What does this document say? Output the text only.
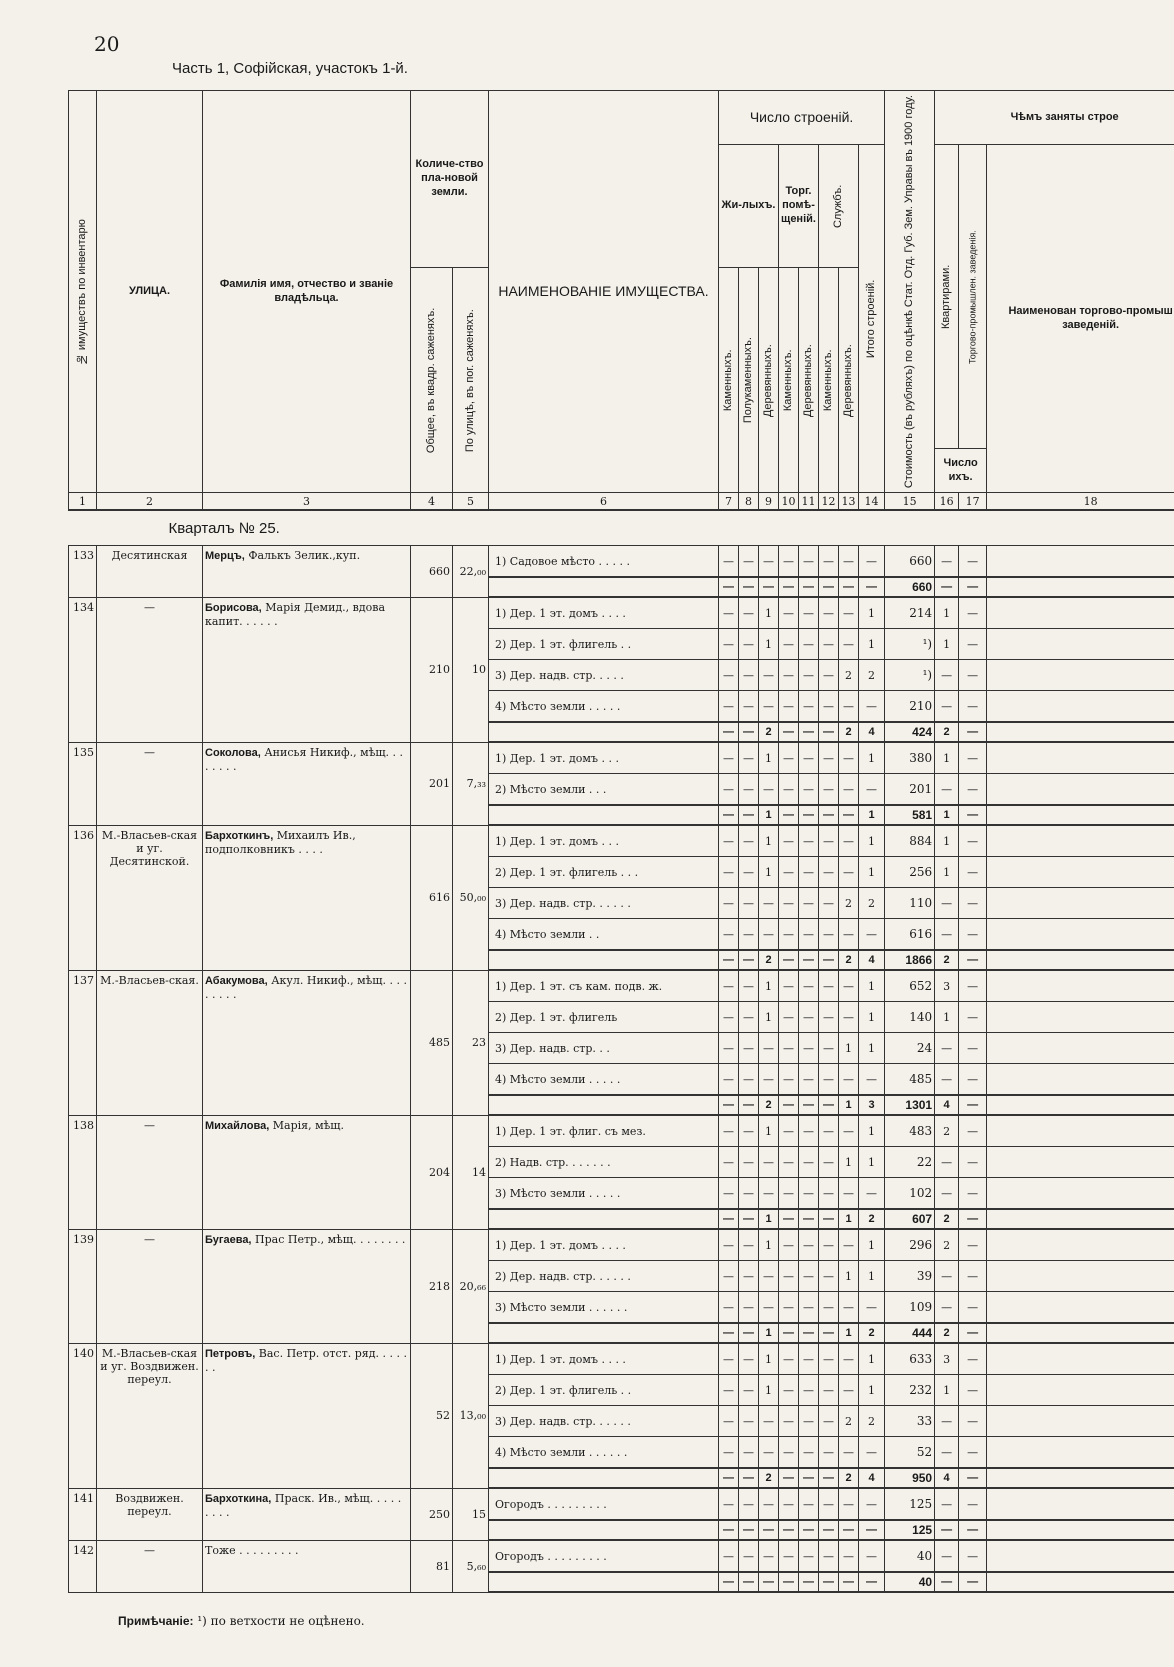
20
Часть 1, Софiйская, участокъ 1-й.
№ имуществъ по инвентарю	УЛИЦА.	Фамилiя имя, отчество и званiе владѣльца.	Количе-ство пла-новой земли.		НАИМЕНОВАНIЕ ИМУЩЕСТВА.	Число строенiй.								Стоимость (въ рубляхъ) по оцѣнкѣ Стат. Отд. Губ. Зем. Управы въ 1900 году.	Чѣмъ заняты строе		
						Жи-лыхъ.			Торг. помѣ-щенiй.		Службъ.		Итого строенiй.		Квартирами.	Торгово-промышлен. заведенiя.	Наименован торгово-промыш заведенiй.
			Общее, въ квадр. саженяхъ.	По улицѣ, въ пог. саженяхъ.		Каменныхъ.	Полукаменныхъ.	Деревянныхъ.	Каменныхъ.	Деревянныхъ.	Каменныхъ.	Деревянныхъ.					
															Число ихъ.		
1	2	3	4	5	6	7	8	9	10	11	12	13	14	15	16	17	18
Кварталъ № 25.																	
133	Десятинская	Мерцъ, Фалькъ Зелик.,куп.	660	22,₀₀	1) Садовое мѣсто . . . . .	—	—	—	—	—	—	—	—	660	—	—	
						—	—	—	—	—	—	—	—	660	—	—	
134	—	Борисова, Марiя Демид., вдова капит. . . . . .	210	10	1) Дер. 1 эт. домъ . . . .	—	—	1	—	—	—	—	1	214	1	—	
					2) Дер. 1 эт. флигель . .	—	—	1	—	—	—	—	1	¹)	1	—	
					3) Дер. надв. стр. . . . .	—	—	—	—	—	—	2	2	¹)	—	—	
					4) Мѣсто земли . . . . .	—	—	—	—	—	—	—	—	210	—	—	
						—	—	2	—	—	—	2	4	424	2	—	
135	—	Соколова, Анисья Никиф., мѣщ. . . . . . . .	201	7,₃₃	1) Дер. 1 эт. домъ . . .	—	—	1	—	—	—	—	1	380	1	—	
					2) Мѣсто земли . . .	—	—	—	—	—	—	—	—	201	—	—	
						—	—	1	—	—	—	—	1	581	1	—	
136	М.-Власьев-ская и уг. Десятинской.	Бархоткинъ, Михаилъ Ив., подполковникъ . . . .	616	50,₀₀	1) Дер. 1 эт. домъ . . .	—	—	1	—	—	—	—	1	884	1	—	
					2) Дер. 1 эт. флигель . . .	—	—	1	—	—	—	—	1	256	1	—	
					3) Дер. надв. стр. . . . . .	—	—	—	—	—	—	2	2	110	—	—	
					4) Мѣсто земли . .	—	—	—	—	—	—	—	—	616	—	—	
						—	—	2	—	—	—	2	4	1866	2	—	
137	М.-Власьев-ская.	Абакумова, Акул. Никиф., мѣщ. . . . . . . . .	485	23	1) Дер. 1 эт. съ кам. подв. ж.	—	—	1	—	—	—	—	1	652	3	—	
					2) Дер. 1 эт. флигель	—	—	1	—	—	—	—	1	140	1	—	
					3) Дер. надв. стр. . .	—	—	—	—	—	—	1	1	24	—	—	
					4) Мѣсто земли . . . . .	—	—	—	—	—	—	—	—	485	—	—	
						—	—	2	—	—	—	1	3	1301	4	—	
138	—	Михайлова, Марiя, мѣщ.	204	14	1) Дер. 1 эт. флиг. съ мез.	—	—	1	—	—	—	—	1	483	2	—	
					2) Надв. стр. . . . . . .	—	—	—	—	—	—	1	1	22	—	—	
					3) Мѣсто земли . . . . .	—	—	—	—	—	—	—	—	102	—	—	
						—	—	1	—	—	—	1	2	607	2	—	
139	—	Бугаева, Прас Петр., мѣщ. . . . . . . .	218	20,₆₆	1) Дер. 1 эт. домъ . . . .	—	—	1	—	—	—	—	1	296	2	—	
					2) Дер. надв. стр. . . . . .	—	—	—	—	—	—	1	1	39	—	—	
					3) Мѣсто земли . . . . . .	—	—	—	—	—	—	—	—	109	—	—	
						—	—	1	—	—	—	1	2	444	2	—	
140	М.-Власьев-ская и уг. Воздвижен. переул.	Петровъ, Вас. Петр. отст. ряд. . . . . . .	52	13,₀₀	1) Дер. 1 эт. домъ . . . .	—	—	1	—	—	—	—	1	633	3	—	
					2) Дер. 1 эт. флигель . .	—	—	1	—	—	—	—	1	232	1	—	
					3) Дер. надв. стр. . . . . .	—	—	—	—	—	—	2	2	33	—	—	
					4) Мѣсто земли . . . . . .	—	—	—	—	—	—	—	—	52	—	—	
						—	—	2	—	—	—	2	4	950	4	—	
141	Воздвижен. переул.	Бархоткина, Праск. Ив., мѣщ. . . . . . . . .	250	15	Огородъ . . . . . . . . .	—	—	—	—	—	—	—	—	125	—	—	
						—	—	—	—	—	—	—	—	125	—	—	
142	—	Тоже . . . . . . . . .	81	5,₆₀	Огородъ . . . . . . . . .	—	—	—	—	—	—	—	—	40	—	—	
						—	—	—	—	—	—	—	—	40	—	—	
Примѣчанiе: ¹) по ветхости не оцѣнено.
